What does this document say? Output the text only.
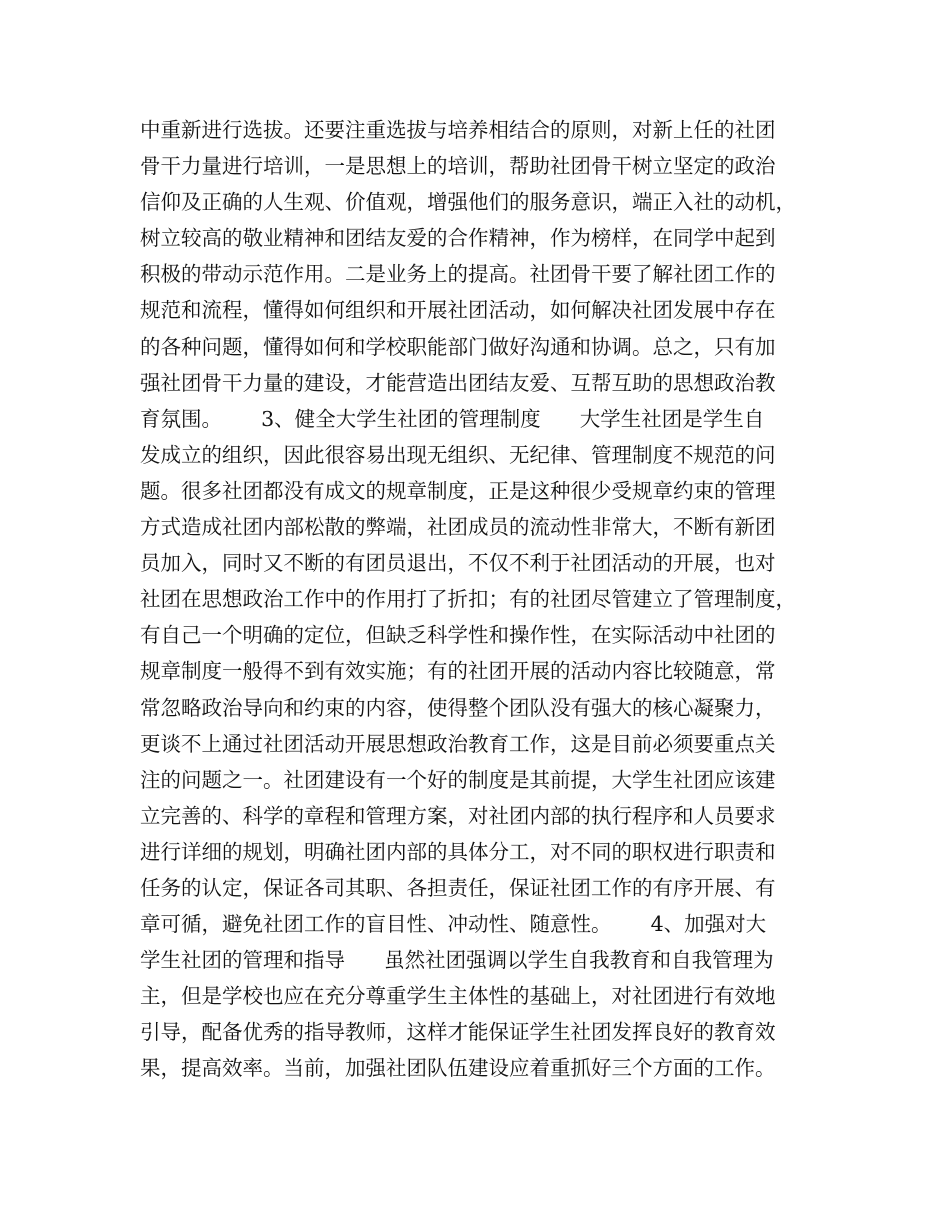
中重新进行选拔。还要注重选拔与培养相结合的原则，对新上任的社团
骨干力量进行培训，一是思想上的培训，帮助社团骨干树立坚定的政治
信仰及正确的人生观、价值观，增强他们的服务意识，端正入社的动机，
树立较高的敬业精神和团结友爱的合作精神，作为榜样，在同学中起到
积极的带动示范作用。二是业务上的提高。社团骨干要了解社团工作的
规范和流程，懂得如何组织和开展社团活动，如何解决社团发展中存在
的各种问题，懂得如何和学校职能部门做好沟通和协调。总之，只有加
强社团骨干力量的建设，才能营造出团结友爱、互帮互助的思想政治教
育氛围。      3、健全大学生社团的管理制度      大学生社团是学生自
发成立的组织，因此很容易出现无组织、无纪律、管理制度不规范的问
题。很多社团都没有成文的规章制度，正是这种很少受规章约束的管理
方式造成社团内部松散的弊端，社团成员的流动性非常大，不断有新团
员加入，同时又不断的有团员退出，不仅不利于社团活动的开展，也对
社团在思想政治工作中的作用打了折扣；有的社团尽管建立了管理制度，
有自己一个明确的定位，但缺乏科学性和操作性，在实际活动中社团的
规章制度一般得不到有效实施；有的社团开展的活动内容比较随意，常
常忽略政治导向和约束的内容，使得整个团队没有强大的核心凝聚力，
更谈不上通过社团活动开展思想政治教育工作，这是目前必须要重点关
注的问题之一。社团建设有一个好的制度是其前提，大学生社团应该建
立完善的、科学的章程和管理方案，对社团内部的执行程序和人员要求
进行详细的规划，明确社团内部的具体分工，对不同的职权进行职责和
任务的认定，保证各司其职、各担责任，保证社团工作的有序开展、有
章可循，避免社团工作的盲目性、冲动性、随意性。      4、加强对大
学生社团的管理和指导      虽然社团强调以学生自我教育和自我管理为
主，但是学校也应在充分尊重学生主体性的基础上，对社团进行有效地
引导，配备优秀的指导教师，这样才能保证学生社团发挥良好的教育效
果，提高效率。当前，加强社团队伍建设应着重抓好三个方面的工作。
